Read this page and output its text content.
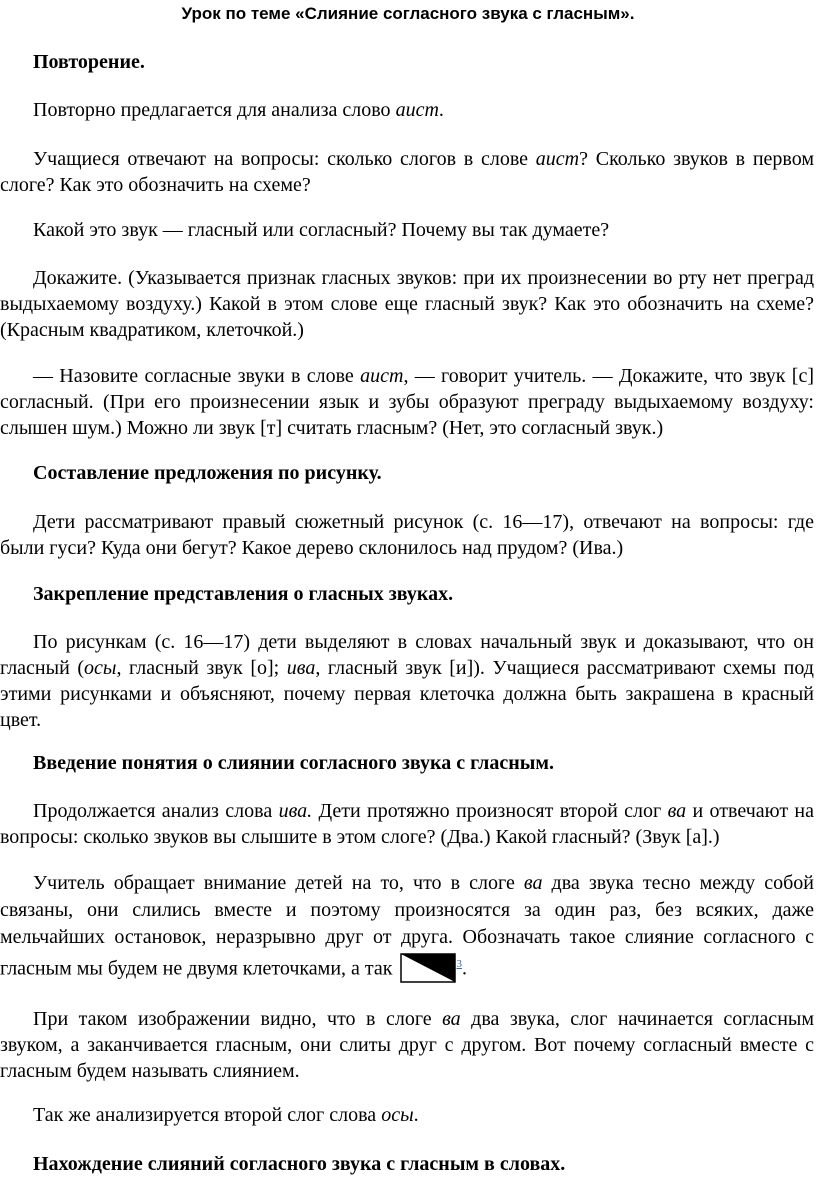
Урок по теме «Слияние согласного звука с гласным».
Повторение.
Повторно предлагается для анализа слово аист.
Учащиеся отвечают на вопросы: сколько слогов в слове аист? Сколько звуков в первом слоге? Как это обозначить на схеме?
Какой это звук — гласный или согласный? Почему вы так думаете?
Докажите. (Указывается признак гласных звуков: при их произнесении во рту нет преград выдыхаемому воздуху.) Какой в этом слове еще гласный звук? Как это обозначить на схеме? (Красным квадратиком, клеточкой.)
— Назовите согласные звуки в слове аист, — говорит учитель. — Докажите, что звук [с] согласный. (При его произнесении язык и зубы образуют преграду выдыхаемому воздуху: слышен шум.) Можно ли звук [т] считать гласным? (Нет, это согласный звук.)
Составление предложения по рисунку.
Дети рассматривают правый сюжетный рисунок (с. 16—17), отвечают на вопросы: где были гуси? Куда они бегут? Какое дерево склонилось над прудом? (Ива.)
Закрепление представления о гласных звуках.
По рисункам (с. 16—17) дети выделяют в словах начальный звук и доказывают, что он гласный (осы, гласный звук [о]; ива, гласный звук [и]). Учащиеся рассматривают схемы под этими рисунками и объясняют, почему первая клеточка должна быть закрашена в красный цвет.
Введение понятия о слиянии согласного звука с гласным.
Продолжается анализ слова ива. Дети протяжно произносят второй слог ва и отвечают на вопросы: сколько звуков вы слышите в этом слоге? (Два.) Какой гласный? (Звук [а].)
Учитель обращает внимание детей на то, что в слоге ва два звука тесно между собой связаны, они слились вместе и поэтому произносятся за один раз, без всяких, даже мельчайших остановок, неразрывно друг от друга. Обозначать такое слияние согласного с гласным мы будем не двумя клеточками, а так	$^3$.
При таком изображении видно, что в слоге ва два звука, слог начинается согласным звуком, а заканчивается гласным, они слиты друг с другом. Вот почему согласный вместе с гласным будем называть слиянием.
Так же анализируется второй слог слова осы.
Нахождение слияний согласного звука с гласным в словах.
